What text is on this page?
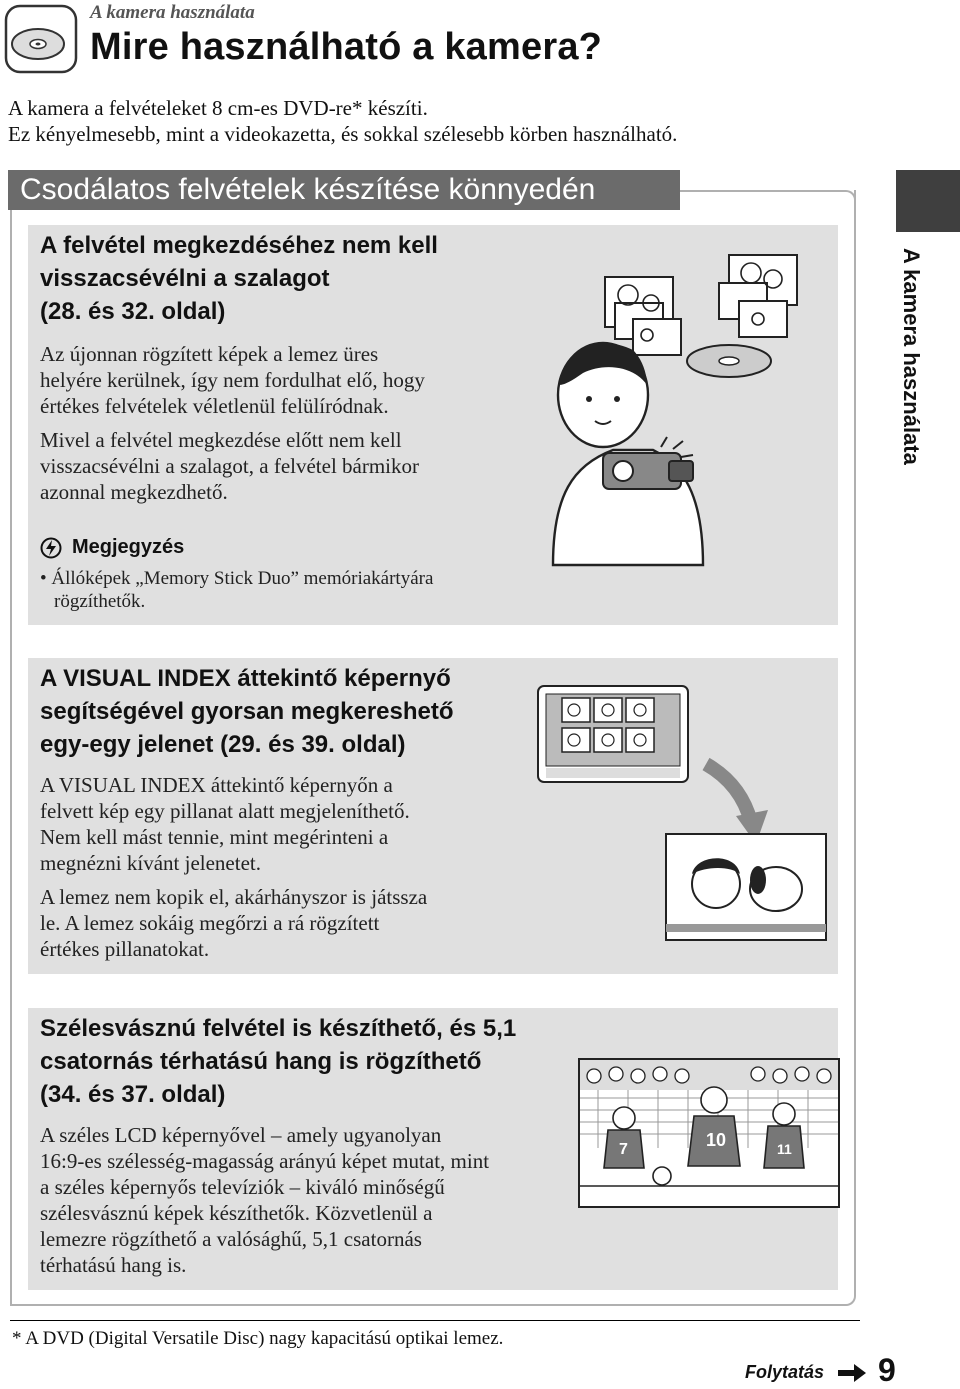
A kamera használata
Mire használható a kamera?
A kamera a felvételeket 8 cm-es DVD-re* készíti.
Ez kényelmesebb, mint a videokazetta, és sokkal szélesebb körben használható.
Csodálatos felvételek készítése könnyedén
A kamera használata
A felvétel megkezdéséhez nem kell
visszacsévélni a szalagot
(28. és 32. oldal)
Az újonnan rögzített képek a lemez üres
helyére kerülnek, így nem fordulhat elő, hogy
értékes felvételek véletlenül felülíródnak.
Mivel a felvétel megkezdése előtt nem kell
visszacsévélni a szalagot, a felvétel bármikor
azonnal megkezdhető.
Megjegyzés
• Állóképek „Memory Stick Duo” memóriakártyára
rögzíthetők.
A VISUAL INDEX áttekintő képernyő
segítségével gyorsan megkereshető
egy-egy jelenet (29. és 39. oldal)
A VISUAL INDEX áttekintő képernyőn a
felvett kép egy pillanat alatt megjeleníthető.
Nem kell mást tennie, mint megérinteni a
megnézni kívánt jelenetet.
A lemez nem kopik el, akárhányszor is játssza
le. A lemez sokáig megőrzi a rá rögzített
értékes pillanatokat.
Szélesvásznú felvétel is készíthető, és 5,1
csatornás térhatású hang is rögzíthető
(34. és 37. oldal)
A széles LCD képernyővel – amely ugyanolyan
16:9-es szélesség-magasság arányú képet mutat, mint
a széles képernyős televíziók – kiváló minőségű
szélesvásznú képek készíthetők. Közvetlenül a
lemezre rögzíthető a valósághű, 5,1 csatornás
térhatású hang is.
7	10	11
* A DVD (Digital Versatile Disc) nagy kapacitású optikai lemez.
Folytatás 9
